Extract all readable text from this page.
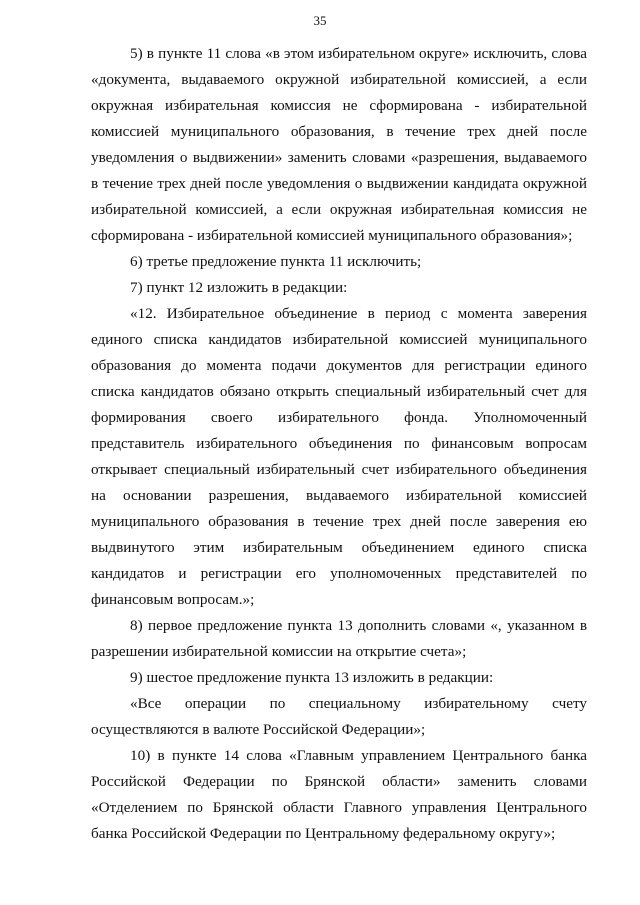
35

5) в пункте 11 слова «в этом избирательном округе» исключить, слова «документа, выдаваемого окружной избирательной комиссией, а если окружная избирательная комиссия не сформирована - избирательной комиссией муниципального образования, в течение трех дней после уведомления о выдвижении» заменить словами «разрешения, выдаваемого в течение трех дней после уведомления о выдвижении кандидата окружной избирательной комиссией, а если окружная избирательная комиссия не сформирована - избирательной комиссией муниципального образования»;

6) третье предложение пункта 11 исключить;

7) пункт 12 изложить в редакции:

«12. Избирательное объединение в период с момента заверения единого списка кандидатов избирательной комиссией муниципального образования до момента подачи документов для регистрации единого списка кандидатов обязано открыть специальный избирательный счет для формирования своего избирательного фонда. Уполномоченный представитель избирательного объединения по финансовым вопросам открывает специальный избирательный счет избирательного объединения на основании разрешения, выдаваемого избирательной комиссией муниципального образования в течение трех дней после заверения ею выдвинутого этим избирательным объединением единого списка кандидатов и регистрации его уполномоченных представителей по финансовым вопросам.»;

8) первое предложение пункта 13 дополнить словами «, указанном в разрешении избирательной комиссии на открытие счета»;

9) шестое предложение пункта 13 изложить в редакции:

«Все операции по специальному избирательному счету осуществляются в валюте Российской Федерации»;

10) в пункте 14 слова «Главным управлением Центрального банка Российской Федерации по Брянской области» заменить словами «Отделением по Брянской области Главного управления Центрального банка Российской Федерации по Центральному федеральному округу»;
